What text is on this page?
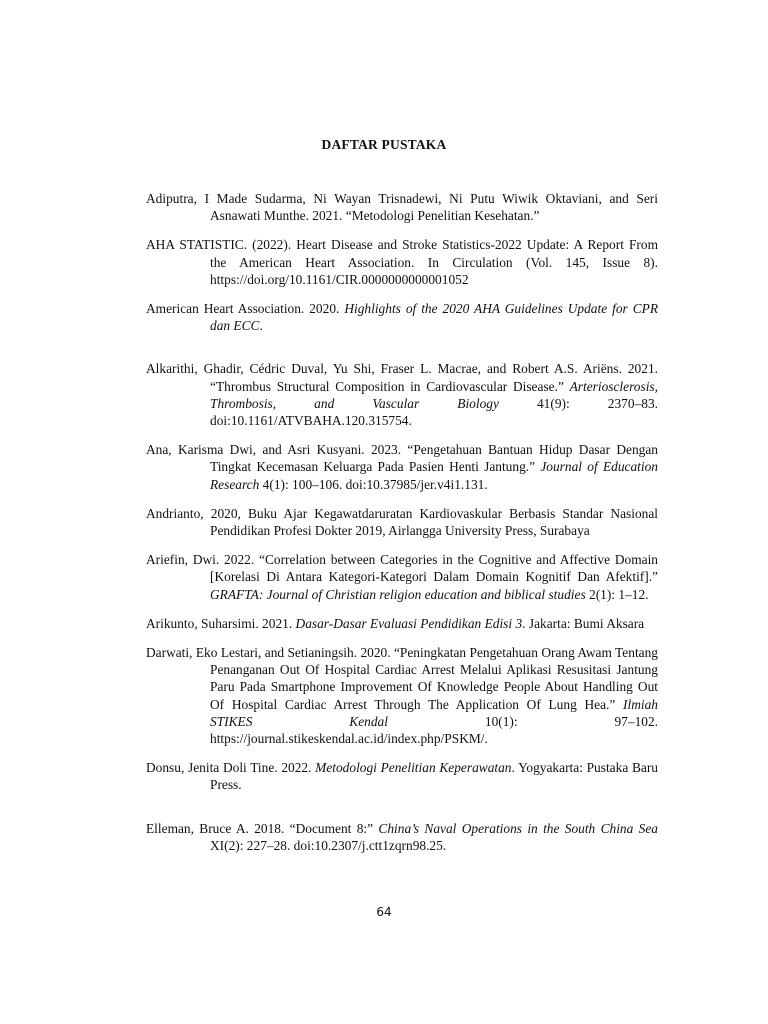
DAFTAR PUSTAKA

Adiputra, I Made Sudarma, Ni Wayan Trisnadewi, Ni Putu Wiwik Oktaviani, and Seri Asnawati Munthe. 2021. “Metodologi Penelitian Kesehatan.”

AHA STATISTIC. (2022). Heart Disease and Stroke Statistics-2022 Update: A Report From the American Heart Association. In Circulation (Vol. 145, Issue 8). https://doi.org/10.1161/CIR.0000000000001052

American Heart Association. 2020. Highlights of the 2020 AHA Guidelines Update for CPR dan ECC.

Alkarithi, Ghadir, Cédric Duval, Yu Shi, Fraser L. Macrae, and Robert A.S. Ariëns. 2021. “Thrombus Structural Composition in Cardiovascular Disease.” Arteriosclerosis, Thrombosis, and Vascular Biology 41(9): 2370–83. doi:10.1161/ATVBAHA.120.315754.

Ana, Karisma Dwi, and Asri Kusyani. 2023. “Pengetahuan Bantuan Hidup Dasar Dengan Tingkat Kecemasan Keluarga Pada Pasien Henti Jantung.” Journal of Education Research 4(1): 100–106. doi:10.37985/jer.v4i1.131.

Andrianto, 2020, Buku Ajar Kegawatdaruratan Kardiovaskular Berbasis Standar Nasional Pendidikan Profesi Dokter 2019, Airlangga University Press, Surabaya

Ariefin, Dwi. 2022. “Correlation between Categories in the Cognitive and Affective Domain [Korelasi Di Antara Kategori-Kategori Dalam Domain Kognitif Dan Afektif].” GRAFTA: Journal of Christian religion education and biblical studies 2(1): 1–12.

Arikunto, Suharsimi. 2021. Dasar-Dasar Evaluasi Pendidikan Edisi 3. Jakarta: Bumi Aksara

Darwati, Eko Lestari, and Setianingsih. 2020. “Peningkatan Pengetahuan Orang Awam Tentang Penanganan Out Of Hospital Cardiac Arrest Melalui Aplikasi Resusitasi Jantung Paru Pada Smartphone Improvement Of Knowledge People About Handling Out Of Hospital Cardiac Arrest Through The Application Of Lung Hea.” Ilmiah STIKES Kendal 10(1): 97–102. https://journal.stikeskendal.ac.id/index.php/PSKM/.

Donsu, Jenita Doli Tine. 2022. Metodologi Penelitian Keperawatan. Yogyakarta: Pustaka Baru Press.

Elleman, Bruce A. 2018. “Document 8:” China’s Naval Operations in the South China Sea XI(2): 227–28. doi:10.2307/j.ctt1zqrn98.25.

64
